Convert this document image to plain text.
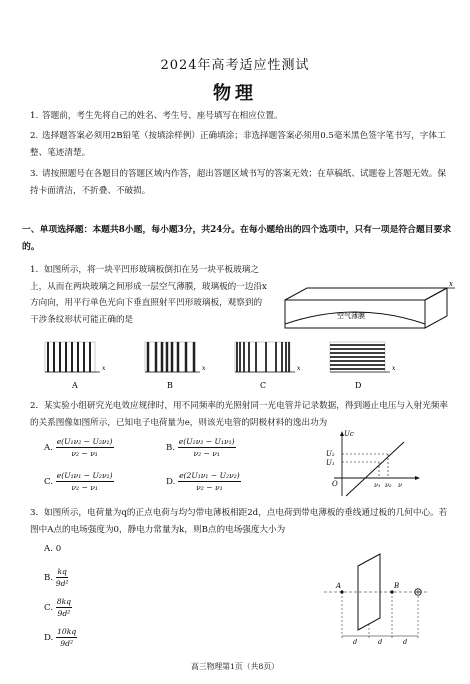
2024年高考适应性测试
物理
1. 答题前，考生先将自己的姓名、考生号、座号填写在相应位置。
2. 选择题答案必须用2B铅笔（按填涂样例）正确填涂；非选择题答案必须用0.5毫米黑色签字笔书写，字体工整、笔迹清楚。
3. 请按照题号在各题目的答题区域内作答，超出答题区域书写的答案无效；在草稿纸、试题卷上答题无效。保持卡面清洁，不折叠、不破损。
一、单项选择题：本题共8小题，每小题3分，共24分。在每小题给出的四个选项中，只有一项是符合题目要求的。
1．如图所示，将一块平凹形玻璃板倒扣在另一块平板玻璃之上，从而在两块玻璃之间形成一层空气薄膜，玻璃板的一边沿x方向向，用平行单色光向下垂直照射平凹形玻璃板，观察到的干涉条纹形状可能正确的是	空气薄膜
x
x	x	x	x
A	B	C	D
2．某实验小组研究光电效应规律时，用不同频率的光照射同一光电管并记录数据，得到遏止电压与入射光频率的关系图像如图所示，已知电子电荷量为e，则该光电管的阴极材料的逸出功为
A. $\frac{\text{e(U₁ν₂ − U₂ν₁)}}{\text{ν₂ − ν₁}}$	B. $\frac{\text{e(U₂ν₂ − U₁ν₁)}}{\text{ν₂ − ν₁}}$
C. $\frac{\text{e(U₁ν₁ − U₂ν₂)}}{\text{ν₂ − ν₁}}$	D. $\frac{\text{e(2U₁ν₁ − U₂ν₂)}}{\text{ν₂ − ν₁}}$
Uc
U₂
U₁
O	ν₁ ν₂ ν
3．如图所示，电荷量为q的正点电荷与均匀带电薄板相距2d，点电荷到带电薄板的垂线通过板的几何中心。若图中A点的电场强度为0，静电力常量为k，则B点的电场强度大小为
A. 0
B. $\frac{kq}{\text{9d²}}$
C. $\frac{8kq}{\text{9d²}}$
D. $\frac{10kq}{\text{9d²}}$
A	B
d	d	d
高三物理第1页（共8页）
